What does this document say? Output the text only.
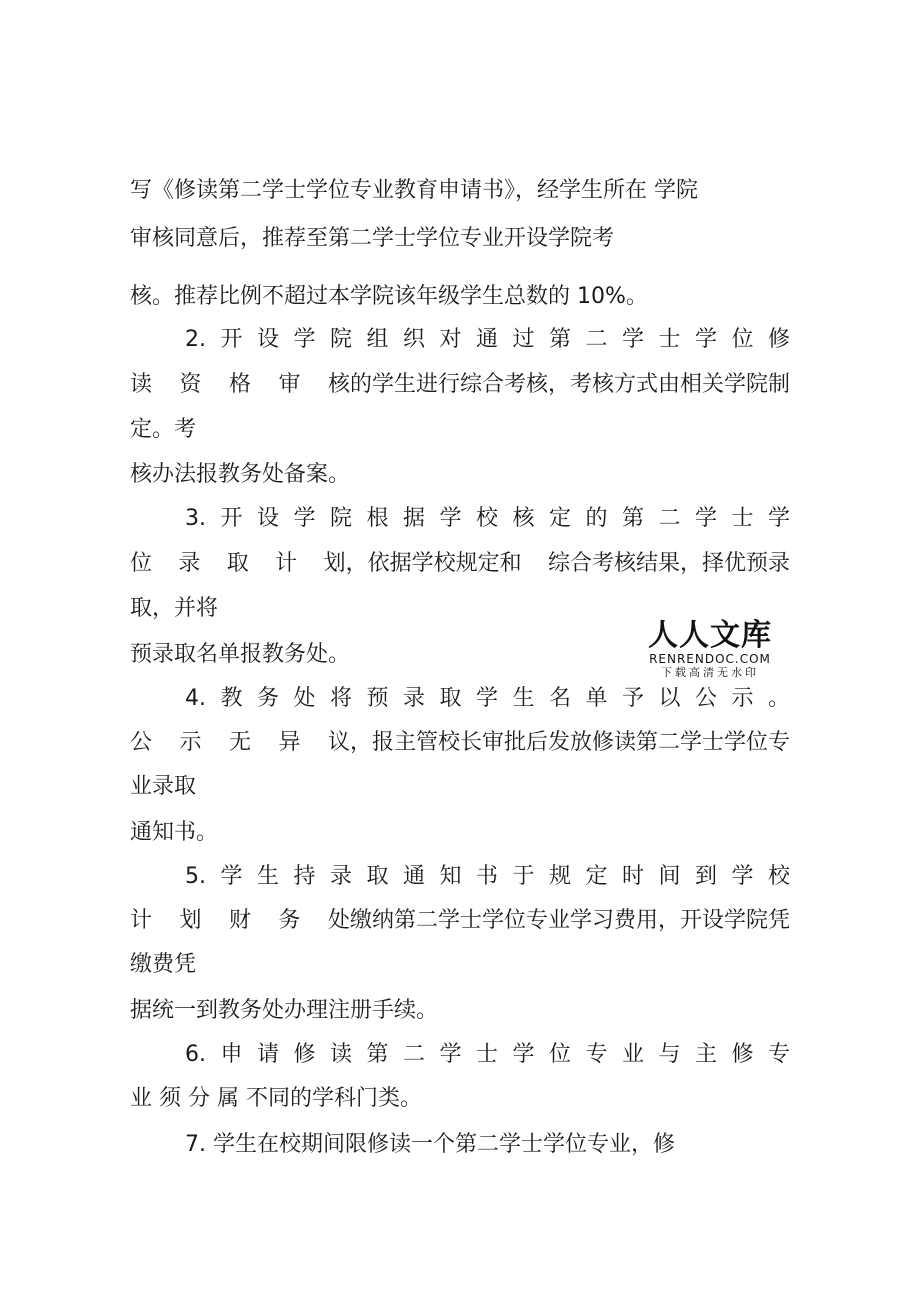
写《修读第二学士学位专业教育申请书》，经学生所在 学院
审核同意后，推荐至第二学士学位专业开设学院考
核。推荐比例不超过本学院该年级学生总数的 10%。
2. 开 设 学 院 组 织 对 通 过 第 二 学 士 学 位 修
读 资 格 审 核的学生进行综合考核，考核方式由相关学院制
定。考
核办法报教务处备案。
3. 开 设 学 院 根 据 学 校 核 定 的 第 二 学 士 学
位 录 取 计 划，依据学校规定和 综合考核结果，择优预录
取，并将
预录取名单报教务处。
4. 教 务 处 将 预 录 取 学 生 名 单 予 以 公 示 。
公 示 无 异 议，报主管校长审批后发放修读第二学士学位专
业录取
通知书。
5. 学 生 持 录 取 通 知 书 于 规 定 时 间 到 学 校
计 划 财 务 处缴纳第二学士学位专业学习费用，开设学院凭
缴费凭
据统一到教务处办理注册手续。
6. 申 请 修 读 第 二 学 士 学 位 专 业 与 主 修 专
业 须 分 属 不同的学科门类。
7. 学生在校期间限修读一个第二学士学位专业，修
人人文库
RENRENDOC.COM
下载高清无水印
